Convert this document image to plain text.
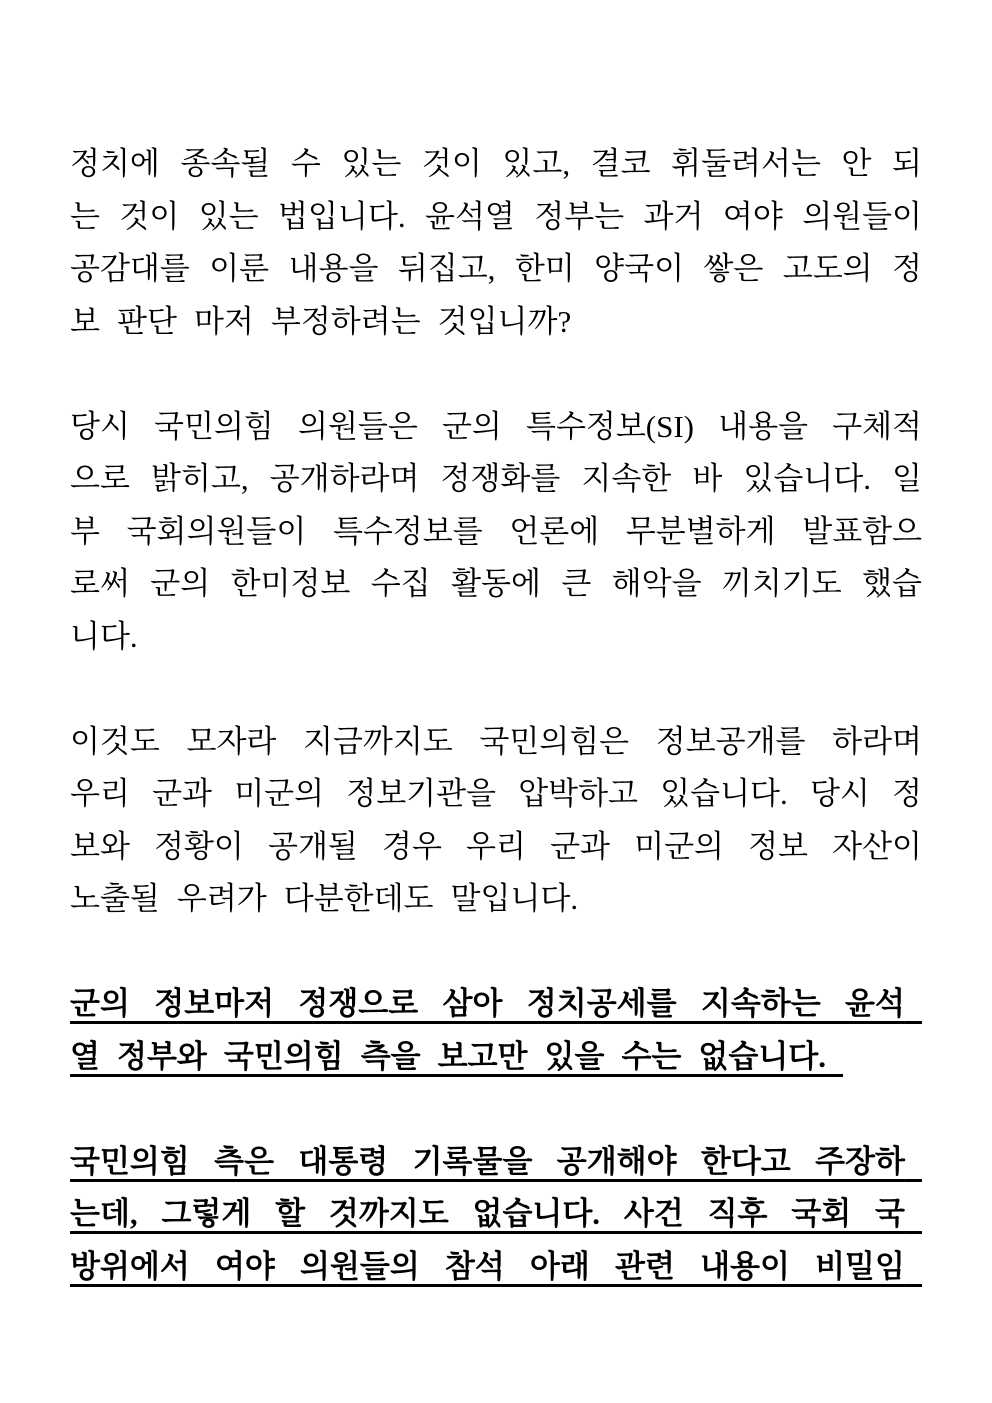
정치에 종속될 수 있는 것이 있고, 결코 휘둘려서는 안 되
는 것이 있는 법입니다. 윤석열 정부는 과거 여야 의원들이
공감대를 이룬 내용을 뒤집고, 한미 양국이 쌓은 고도의 정
보 판단 마저 부정하려는 것입니까?
당시 국민의힘 의원들은 군의 특수정보(SI) 내용을 구체적
으로 밝히고, 공개하라며 정쟁화를 지속한 바 있습니다. 일
부 국회의원들이 특수정보를 언론에 무분별하게 발표함으
로써 군의 한미정보 수집 활동에 큰 해악을 끼치기도 했습
니다.
이것도 모자라 지금까지도 국민의힘은 정보공개를 하라며
우리 군과 미군의 정보기관을 압박하고 있습니다. 당시 정
보와 정황이 공개될 경우 우리 군과 미군의 정보 자산이
노출될 우려가 다분한데도 말입니다.
군의 정보마저 정쟁으로 삼아 정치공세를 지속하는 윤석
열 정부와 국민의힘 측을 보고만 있을 수는 없습니다.
국민의힘 측은 대통령 기록물을 공개해야 한다고 주장하
는데, 그렇게 할 것까지도 없습니다. 사건 직후 국회 국
방위에서 여야 의원들의 참석 아래 관련 내용이 비밀임
